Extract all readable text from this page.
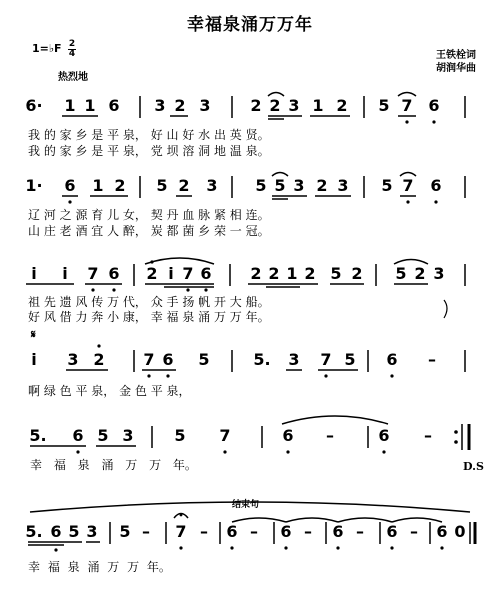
幸福泉涌万万年
王铁栓词
胡润华曲
1=♭F 2
4
热烈地
6· 1 1 6 3 2 3 2 2 3 1 2 5 7 6
我 的 家 乡 是 平 泉， 好 山 好 水 出 英 贤。
我 的 家 乡 是 平 泉， 党 坝 溶 洞 地 温 泉。
1· 6 1 2 5 2 3 5 5 3 2 3 5 7 6
辽 河 之 源 育 儿 女， 契 丹 血 脉 紧 相 连。
山 庄 老 酒 宜 人 醉， 炭 都 菌 乡 荣 一 冠。
i i 7 6 2 i 7 6 2 2 1 2 5 2 5 2 3
祖 先 遗 风 传 万 代， 众 手 扬 帆 开 大 船。
好 风 借 力 奔 小 康， 幸 福 泉 涌 万 万 年。
𝄋
i 3 2 7 6 5	5. 3 7 5 6 –
啊 绿 色 平 泉， 金 色 平 泉，
5. 6 5 3	5 7	6 –	6 –
幸 福 泉 涌 万 万 年。	D.S
结束句
5. 6 5 3 5 – 7 – 6 – 6 – 6 – 6 – 6 0
幸 福 泉 涌 万 万 年。
